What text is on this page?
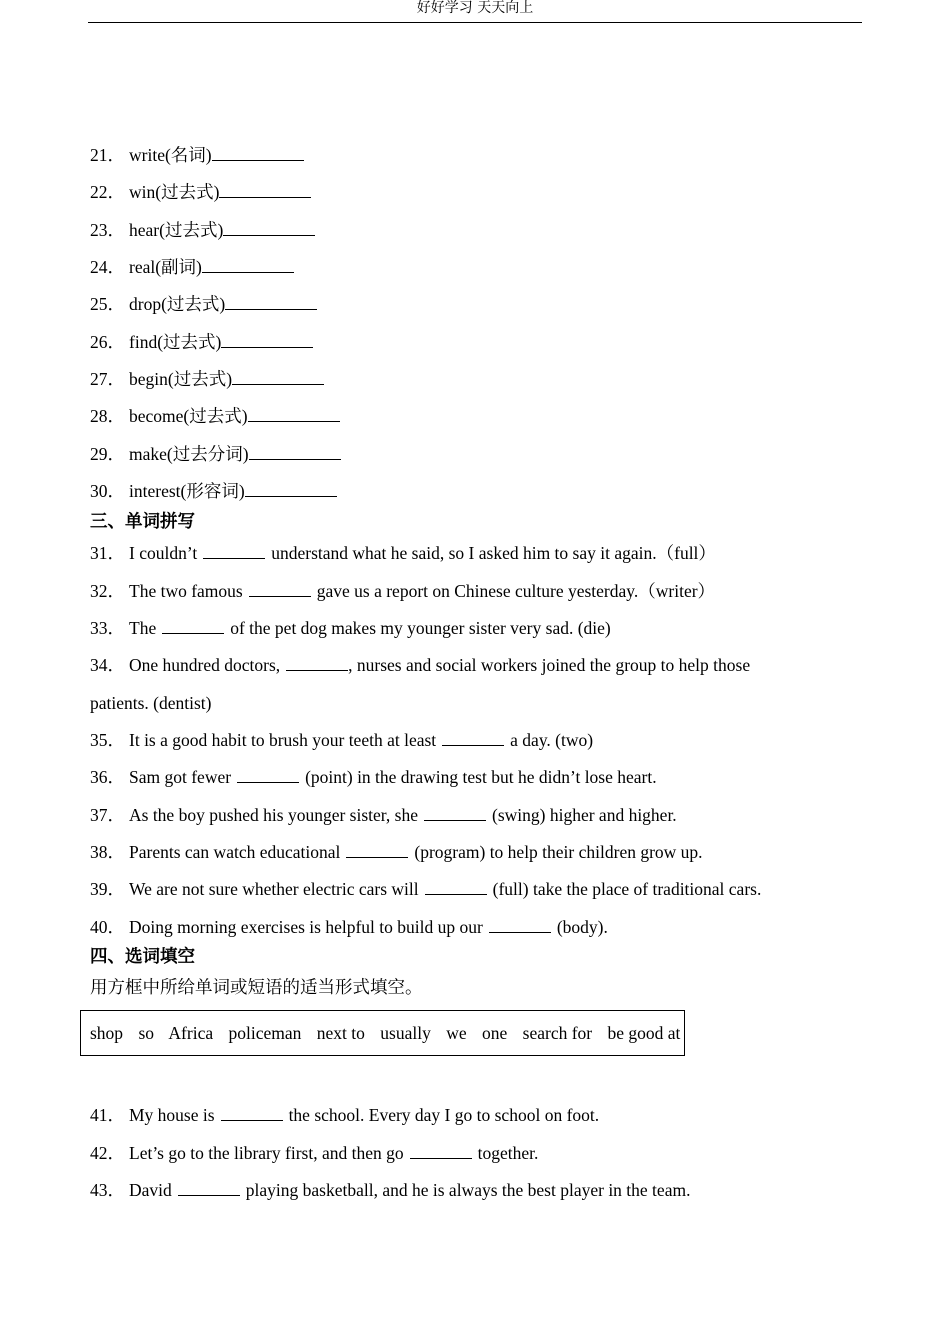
好好学习 天天向上
21． write(名词)
22． win(过去式)
23． hear(过去式)
24． real(副词)
25． drop(过去式)
26． find(过去式)
27． begin(过去式)
28． become(过去式)
29． make(过去分词)
30． interest(形容词)
三、单词拼写
31． I couldn’t	understand what he said, so I asked him to say it again.（full）
32． The two famous	gave us a report on Chinese culture yesterday.（writer）
33． The	of the pet dog makes my younger sister very sad. (die)
34． One hundred doctors,	, nurses and social workers joined the group to help those
patients. (dentist)
35． It is a good habit to brush your teeth at least	a day. (two)
36． Sam got fewer	(point) in the drawing test but he didn’t lose heart.
37． As the boy pushed his younger sister, she	(swing) higher and higher.
38． Parents can watch educational	(program) to help their children grow up.
39． We are not sure whether electric cars will	(full) take the place of traditional cars.
40． Doing morning exercises is helpful to build up our	(body).
四、选词填空
用方框中所给单词或短语的适当形式填空。
shop so Africa policeman next to usually we one search for be good at
41． My house is	the school. Every day I go to school on foot.
42． Let’s go to the library first, and then go	together.
43． David	playing basketball, and he is always the best player in the team.
